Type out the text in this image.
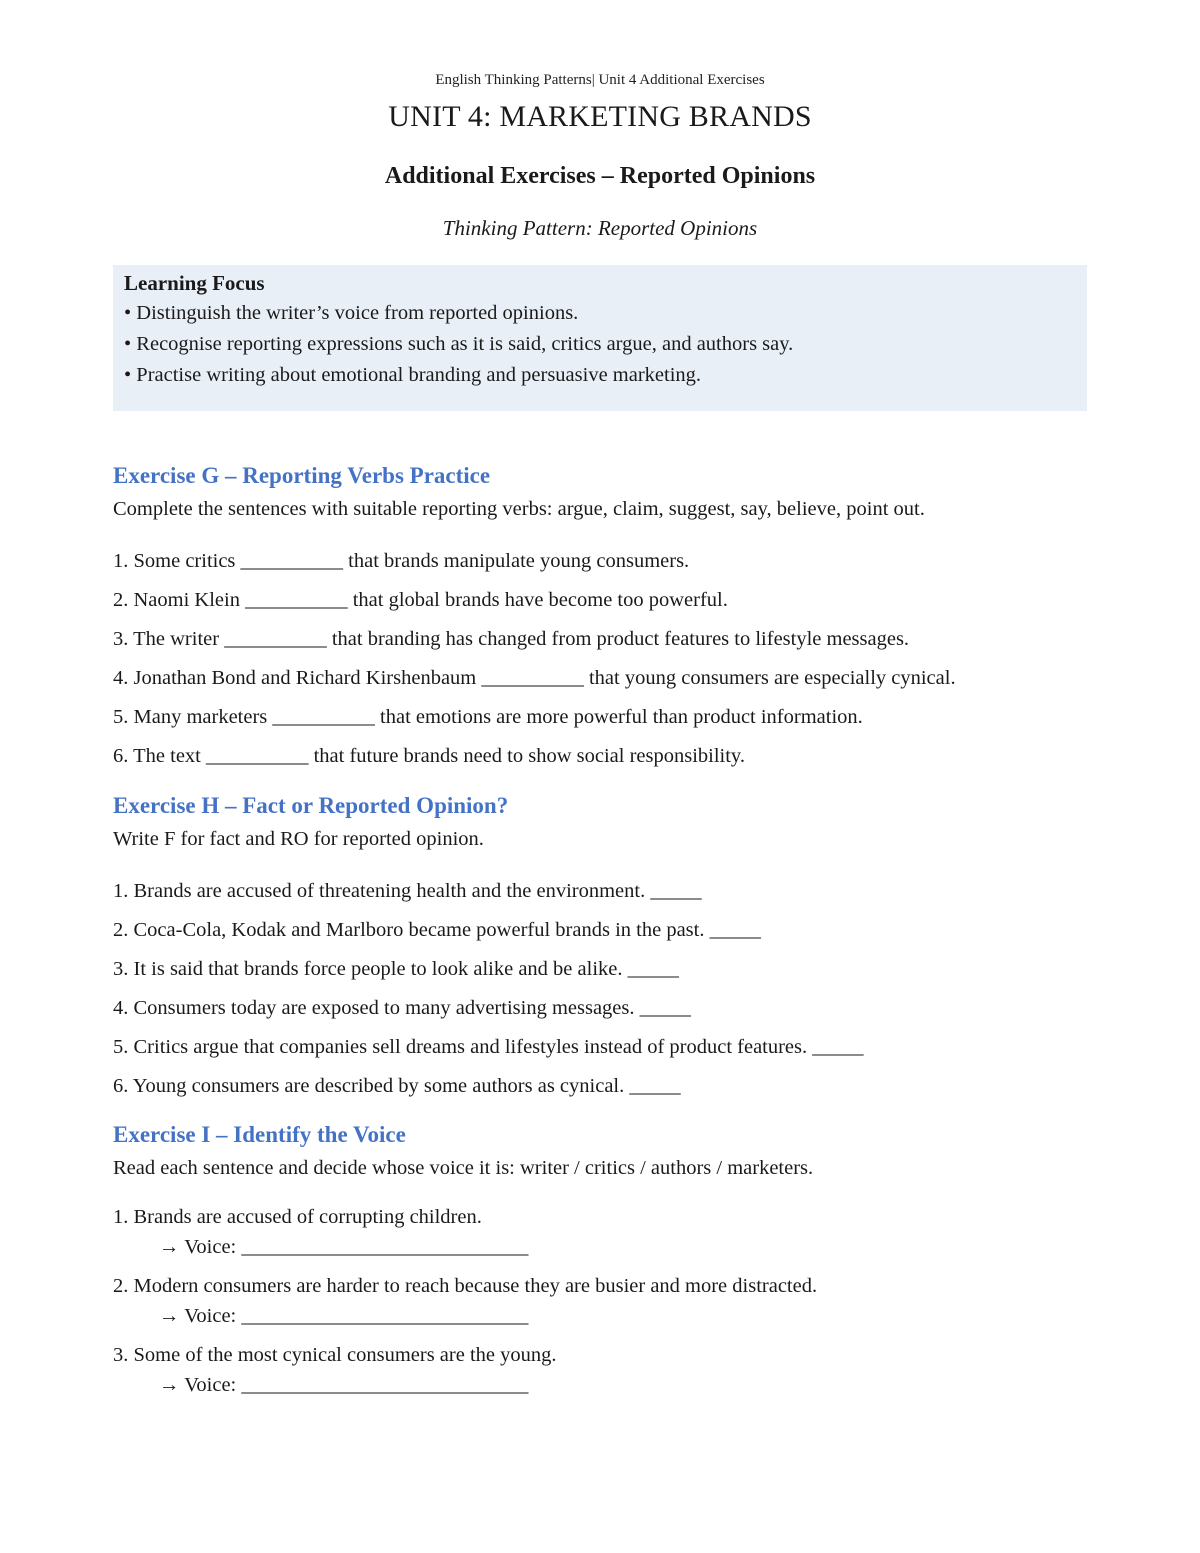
English Thinking Patterns| Unit 4 Additional Exercises
UNIT 4: MARKETING BRANDS
Additional Exercises – Reported Opinions
Thinking Pattern: Reported Opinions
Learning Focus
• Distinguish the writer’s voice from reported opinions.
• Recognise reporting expressions such as it is said, critics argue, and authors say.
• Practise writing about emotional branding and persuasive marketing.
Exercise G – Reporting Verbs Practice
Complete the sentences with suitable reporting verbs: argue, claim, suggest, say, believe, point out.
1. Some critics __________ that brands manipulate young consumers.
2. Naomi Klein __________ that global brands have become too powerful.
3. The writer __________ that branding has changed from product features to lifestyle messages.
4. Jonathan Bond and Richard Kirshenbaum __________ that young consumers are especially cynical.
5. Many marketers __________ that emotions are more powerful than product information.
6. The text __________ that future brands need to show social responsibility.
Exercise H – Fact or Reported Opinion?
Write F for fact and RO for reported opinion.
1. Brands are accused of threatening health and the environment. _____
2. Coca-Cola, Kodak and Marlboro became powerful brands in the past. _____
3. It is said that brands force people to look alike and be alike. _____
4. Consumers today are exposed to many advertising messages. _____
5. Critics argue that companies sell dreams and lifestyles instead of product features. _____
6. Young consumers are described by some authors as cynical. _____
Exercise I – Identify the Voice
Read each sentence and decide whose voice it is: writer / critics / authors / marketers.
1. Brands are accused of corrupting children.
→ Voice: ____________________________
2. Modern consumers are harder to reach because they are busier and more distracted.
→ Voice: ____________________________
3. Some of the most cynical consumers are the young.
→ Voice: ____________________________
